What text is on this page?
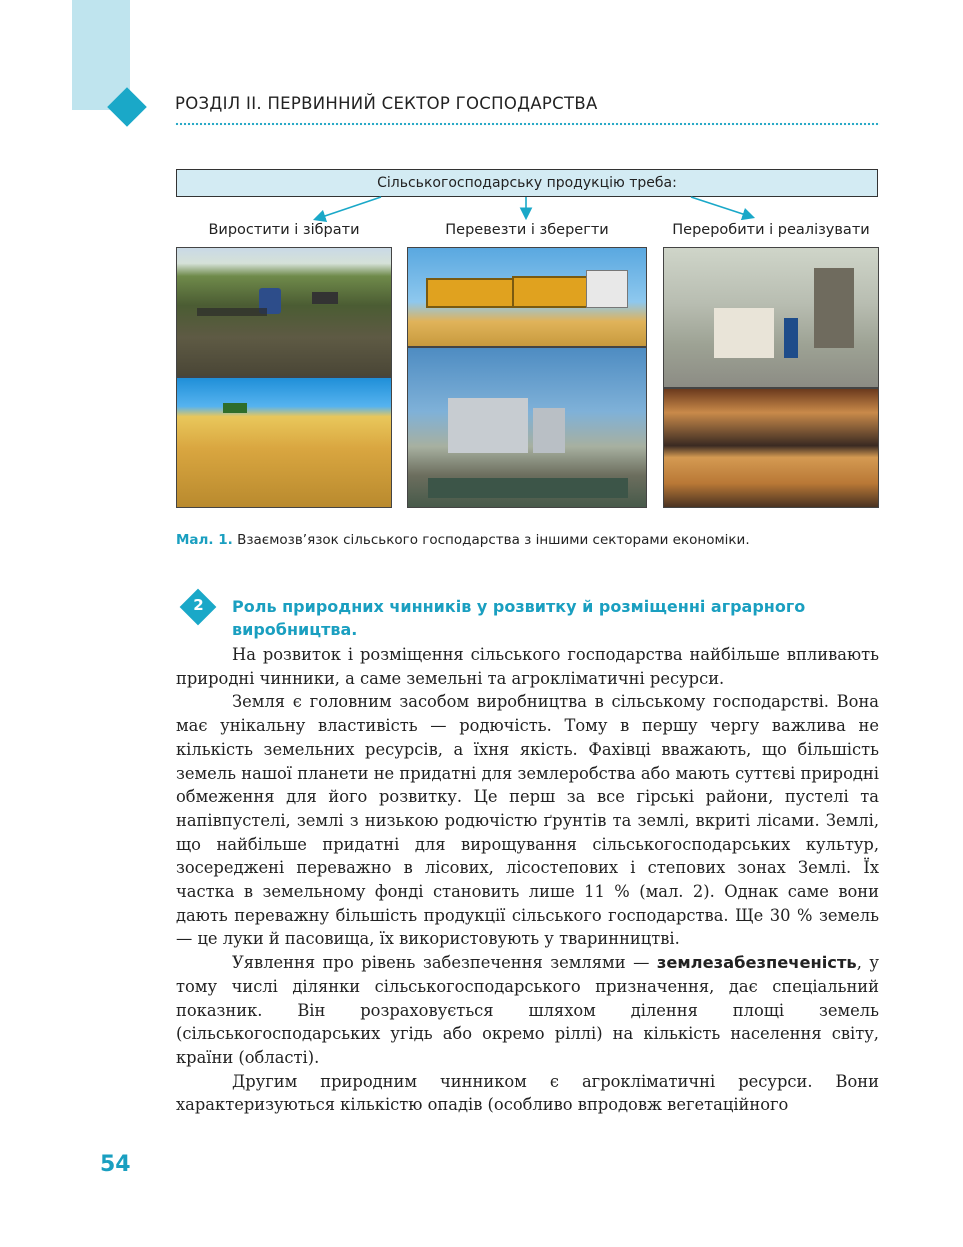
РОЗДІЛ ІІ. ПЕРВИННИЙ СЕКТОР ГОСПОДАРСТВА
Сільськогосподарську продукцію треба:
Виростити і зібрати	Перевезти і зберегти	Переробити і реалізувати
Мал. 1. Взаємозв’язок сільського господарства з іншими секторами економіки.
2	Роль природних чинників у розвитку й розміщенні аграрного виробництва.

На розвиток і розміщення сільського господарства найбільше впливають природні чинники, а саме земельні та агрокліматичні ресурси.

Земля є головним засобом виробництва в сільському господарстві. Вона має унікальну властивість — родючість. Тому в першу чергу важлива не кількість земельних ресурсів, а їхня якість. Фахівці вважають, що більшість земель нашої планети не придатні для землеробства або мають суттєві природні обмеження для його розвитку. Це перш за все гірські райони, пустелі та напівпустелі, землі з низькою родючістю ґрунтів та землі, вкриті лісами. Землі, що найбільше придатні для вирощування сільськогосподарських культур, зосереджені переважно в лісових, лісостепових і степових зонах Землі. Їх частка в земельному фонді становить лише 11 % (мал. 2). Однак саме вони дають переважну більшість продукції сільського господарства. Ще 30 % земель — це луки й пасовища, їх використовують у тваринництві.

Уявлення про рівень забезпечення землями — землезабезпеченість, у тому числі ділянки сільськогосподарського призначення, дає спеціальний показник. Він розраховується шляхом ділення площі земель (сільськогосподарських угідь або окремо ріллі) на кількість населення світу, країни (області).

Другим природним чинником є агрокліматичні ресурси. Вони характеризуються кількістю опадів (особливо впродовж вегетаційного

54
